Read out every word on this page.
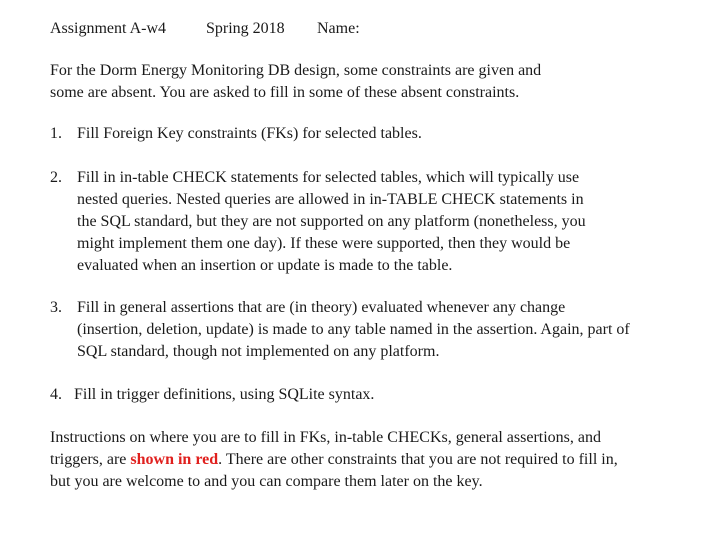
Assignment A-w4	Spring 2018 Name:
For the Dorm Energy Monitoring DB design, some constraints are given and
some are absent. You are asked to fill in some of these absent constraints.
1. Fill Foreign Key constraints (FKs) for selected tables.
2. Fill in in-table CHECK statements for selected tables, which will typically use
nested queries. Nested queries are allowed in in-TABLE CHECK statements in
the SQL standard, but they are not supported on any platform (nonetheless, you
might implement them one day). If these were supported, then they would be
evaluated when an insertion or update is made to the table.
3. Fill in general assertions that are (in theory) evaluated whenever any change
(insertion, deletion, update) is made to any table named in the assertion. Again, part of
SQL standard, though not implemented on any platform.
4. Fill in trigger definitions, using SQLite syntax.
Instructions on where you are to fill in FKs, in-table CHECKs, general assertions, and
triggers, are shown in red. There are other constraints that you are not required to fill in,
but you are welcome to and you can compare them later on the key.
